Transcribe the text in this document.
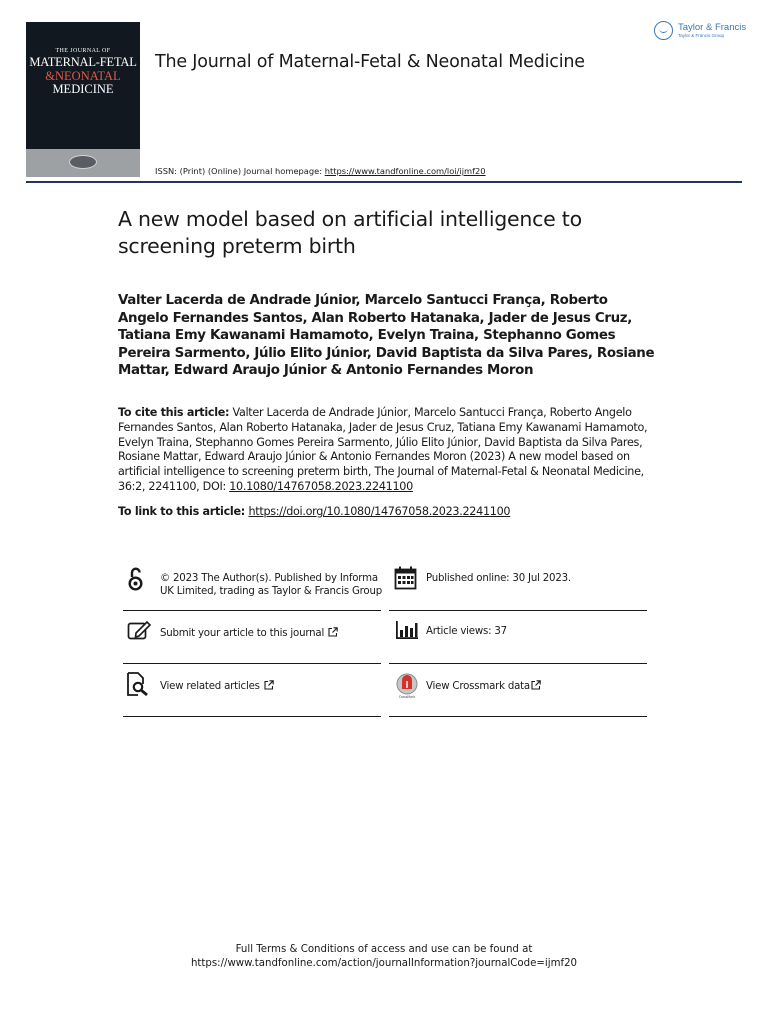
THE JOURNAL OF
MATERNAL-FETAL
&NEONATAL
MEDICINE
The Journal of Maternal-Fetal & Neonatal Medicine
Taylor & Francis
Taylor & Francis Group
ISSN: (Print) (Online) Journal homepage: https://www.tandfonline.com/loi/ijmf20
A new model based on artificial intelligence to screening preterm birth
Valter Lacerda de Andrade Júnior, Marcelo Santucci França, Roberto Angelo Fernandes Santos, Alan Roberto Hatanaka, Jader de Jesus Cruz, Tatiana Emy Kawanami Hamamoto, Evelyn Traina, Stephanno Gomes Pereira Sarmento, Júlio Elito Júnior, David Baptista da Silva Pares, Rosiane Mattar, Edward Araujo Júnior & Antonio Fernandes Moron
To cite this article: Valter Lacerda de Andrade Júnior, Marcelo Santucci França, Roberto Angelo Fernandes Santos, Alan Roberto Hatanaka, Jader de Jesus Cruz, Tatiana Emy Kawanami Hamamoto, Evelyn Traina, Stephanno Gomes Pereira Sarmento, Júlio Elito Júnior, David Baptista da Silva Pares, Rosiane Mattar, Edward Araujo Júnior & Antonio Fernandes Moron (2023) A new model based on artificial intelligence to screening preterm birth, The Journal of Maternal-Fetal & Neonatal Medicine, 36:2, 2241100, DOI: 10.1080/14767058.2023.2241100
To link to this article: https://doi.org/10.1080/14767058.2023.2241100
© 2023 The Author(s). Published by Informa UK Limited, trading as Taylor & Francis Group
Published online: 30 Jul 2023.
Submit your article to this journal	Article views: 37
View related articles
CrossMark
View Crossmark data
Full Terms & Conditions of access and use can be found at
https://www.tandfonline.com/action/journalInformation?journalCode=ijmf20
